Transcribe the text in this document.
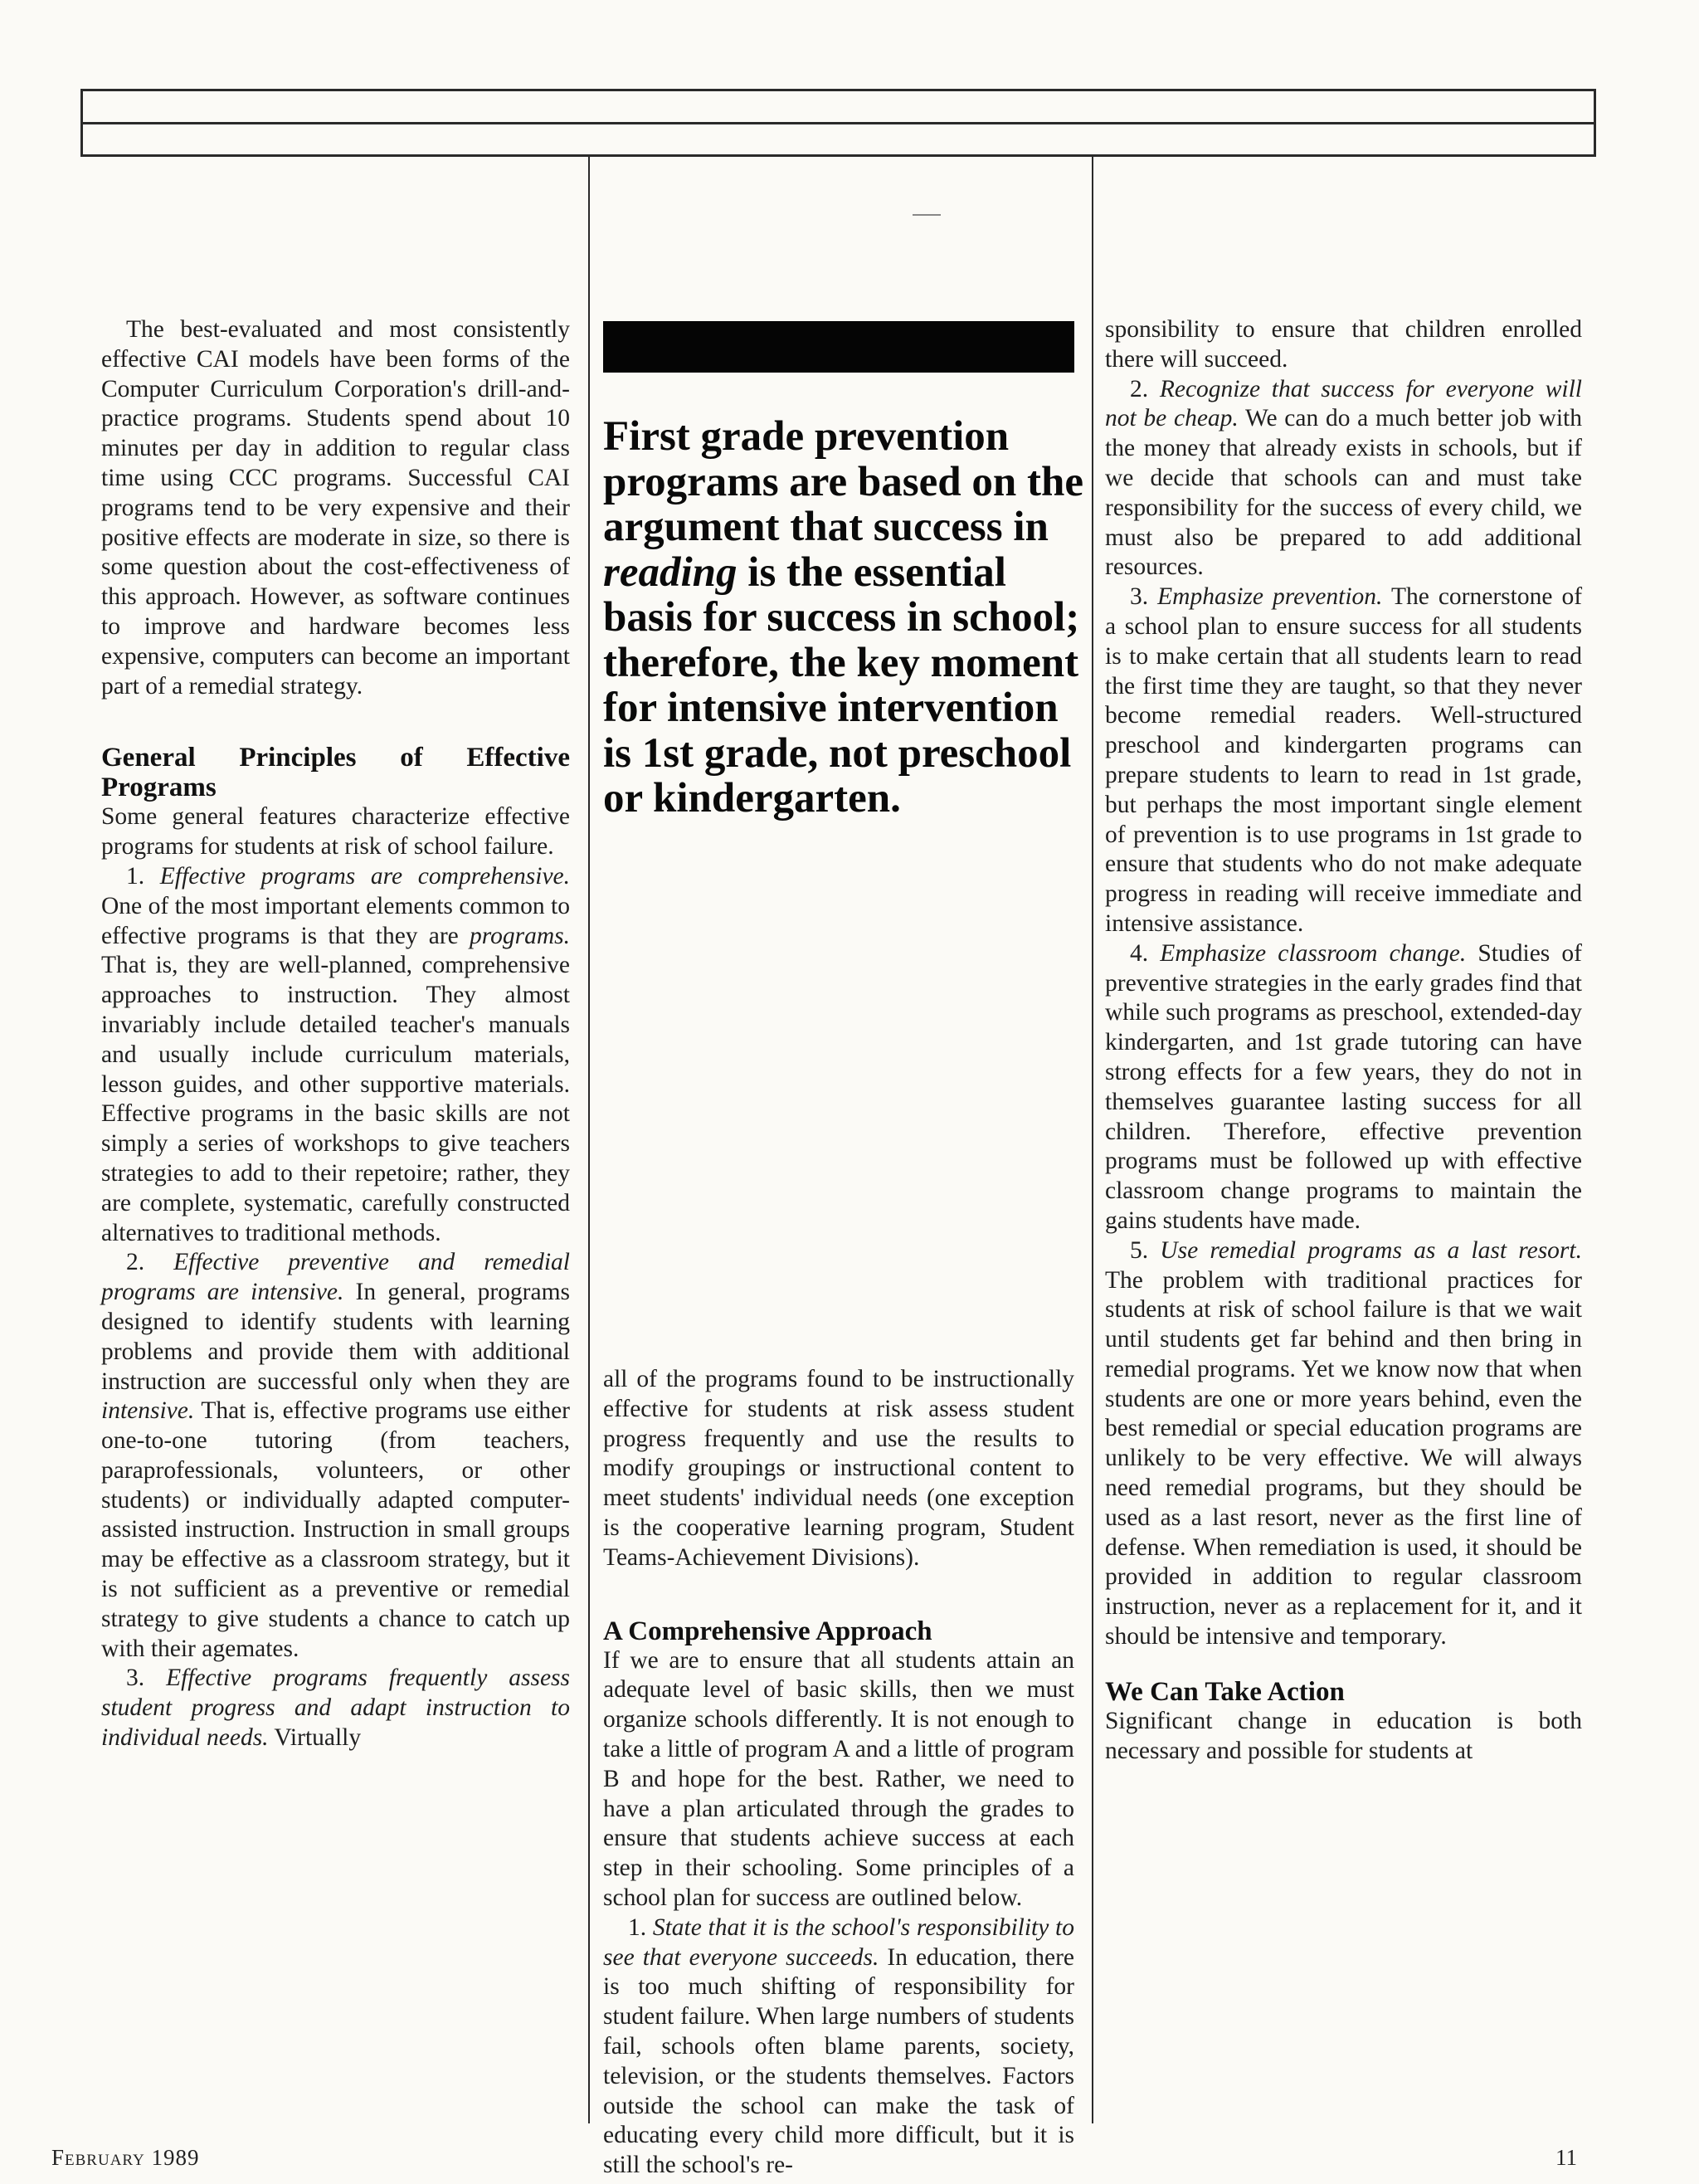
The best-evaluated and most consistently effective CAI models have been forms of the Computer Curriculum Corporation's drill-and-practice programs. Students spend about 10 minutes per day in addition to regular class time using CCC programs. Successful CAI programs tend to be very expensive and their positive effects are moderate in size, so there is some question about the cost-effectiveness of this approach. However, as software continues to improve and hardware becomes less expensive, computers can become an important part of a remedial strategy.

General Principles of Effective Programs

Some general features characterize effective programs for students at risk of school failure.

1. Effective programs are comprehensive. One of the most important elements common to effective programs is that they are programs. That is, they are well-planned, comprehensive approaches to instruction. They almost invariably include detailed teacher's manuals and usually include curriculum materials, lesson guides, and other supportive materials. Effective programs in the basic skills are not simply a series of workshops to give teachers strategies to add to their repetoire; rather, they are complete, systematic, carefully constructed alternatives to traditional methods.

2. Effective preventive and remedial programs are intensive. In general, programs designed to identify students with learning problems and provide them with additional instruction are successful only when they are intensive. That is, effective programs use either one-to-one tutoring (from teachers, paraprofessionals, volunteers, or other students) or individually adapted computer-assisted instruction. Instruction in small groups may be effective as a classroom strategy, but it is not sufficient as a preventive or remedial strategy to give students a chance to catch up with their agemates.

3. Effective programs frequently assess student progress and adapt instruction to individual needs. Virtually

First grade prevention programs are based on the argument that success in reading is the essential basis for success in school; therefore, the key moment for intensive intervention is 1st grade, not preschool or kindergarten.

all of the programs found to be instructionally effective for students at risk assess student progress frequently and use the results to modify groupings or instructional content to meet students' individual needs (one exception is the cooperative learning program, Student Teams-Achievement Divisions).

A Comprehensive Approach

If we are to ensure that all students attain an adequate level of basic skills, then we must organize schools differently. It is not enough to take a little of program A and a little of program B and hope for the best. Rather, we need to have a plan articulated through the grades to ensure that students achieve success at each step in their schooling. Some principles of a school plan for success are outlined below.

1. State that it is the school's responsibility to see that everyone succeeds. In education, there is too much shifting of responsibility for student failure. When large numbers of students fail, schools often blame parents, society, television, or the students themselves. Factors outside the school can make the task of educating every child more difficult, but it is still the school's re-

sponsibility to ensure that children enrolled there will succeed.

2. Recognize that success for everyone will not be cheap. We can do a much better job with the money that already exists in schools, but if we decide that schools can and must take responsibility for the success of every child, we must also be prepared to add additional resources.

3. Emphasize prevention. The cornerstone of a school plan to ensure success for all students is to make certain that all students learn to read the first time they are taught, so that they never become remedial readers. Well-structured preschool and kindergarten programs can prepare students to learn to read in 1st grade, but perhaps the most important single element of prevention is to use programs in 1st grade to ensure that students who do not make adequate progress in reading will receive immediate and intensive assistance.

4. Emphasize classroom change. Studies of preventive strategies in the early grades find that while such programs as preschool, extended-day kindergarten, and 1st grade tutoring can have strong effects for a few years, they do not in themselves guarantee lasting success for all children. Therefore, effective prevention programs must be followed up with effective classroom change programs to maintain the gains students have made.

5. Use remedial programs as a last resort. The problem with traditional practices for students at risk of school failure is that we wait until students get far behind and then bring in remedial programs. Yet we know now that when students are one or more years behind, even the best remedial or special education programs are unlikely to be very effective. We will always need remedial programs, but they should be used as a last resort, never as the first line of defense. When remediation is used, it should be provided in addition to regular classroom instruction, never as a replacement for it, and it should be intensive and temporary.

We Can Take Action

Significant change in education is both necessary and possible for students at

February 1989	11
